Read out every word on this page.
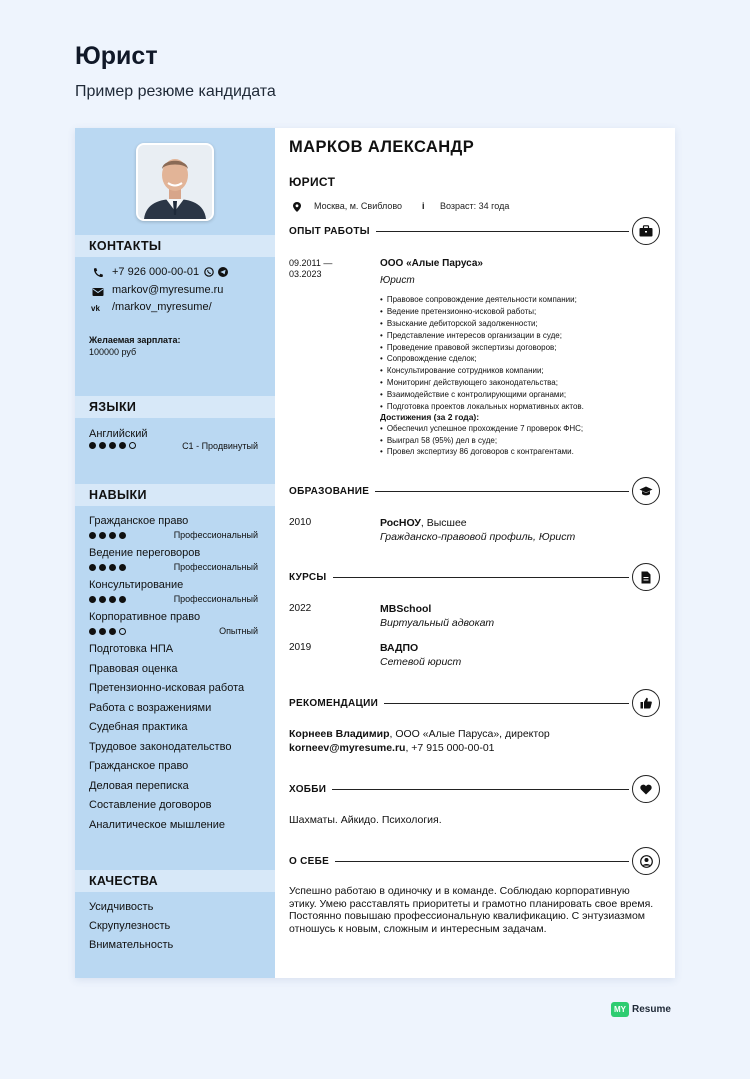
Юрист
Пример резюме кандидата
КОНТАКТЫ
+7 926 000-00-01
markov@myresume.ru
vk /markov_myresume/
Желаемая зарплата:
100000 руб
ЯЗЫКИ
Английский
C1 - Продвинутый
НАВЫКИ
Гражданское право
Профессиональный
Ведение переговоров
Профессиональный
Консультирование
Профессиональный
Корпоративное право
Опытный
Подготовка НПА
Правовая оценка
Претензионно-исковая работа
Работа с возражениями
Судебная практика
Трудовое законодательство
Гражданское право
Деловая переписка
Составление договоров
Аналитическое мышление
КАЧЕСТВА
Усидчивость
Скрупулезность
Внимательность
МАРКОВ АЛЕКСАНДР
ЮРИСТ
Москва, м. Свиблово i Возраст: 34 года
ОПЫТ РАБОТЫ
09.2011 —
03.2023
ООО «Алые Паруса»
Юрист
• Правовое сопровождение деятельности компании;
• Ведение претензионно-исковой работы;
• Взыскание дебиторской задолженности;
• Представление интересов организации в суде;
• Проведение правовой экспертизы договоров;
• Сопровождение сделок;
• Консультирование сотрудников компании;
• Мониторинг действующего законодательства;
• Взаимодействие с контролирующими органами;
• Подготовка проектов локальных нормативных актов.
Достижения (за 2 года):
• Обеспечил успешное прохождение 7 проверок ФНС;
• Выиграл 58 (95%) дел в суде;
• Провел экспертизу 86 договоров с контрагентами.
ОБРАЗОВАНИЕ
2010	РосНОУ, Высшее
Гражданско-правовой профиль, Юрист
КУРСЫ
2022	MBSchool
Виртуальный адвокат
2019	ВАДПО
Сетевой юрист
РЕКОМЕНДАЦИИ
Корнеев Владимир, ООО «Алые Паруса», директор
korneev@myresume.ru, +7 915 000-00-01
ХОББИ
Шахматы. Айкидо. Психология.
О СЕБЕ
Успешно работаю в одиночку и в команде. Соблюдаю корпоративную этику. Умею расставлять приоритеты и грамотно планировать свое время. Постоянно повышаю профессиональную квалификацию. С энтузиазмом отношусь к новым, сложным и интересным задачам.
MY Resume
